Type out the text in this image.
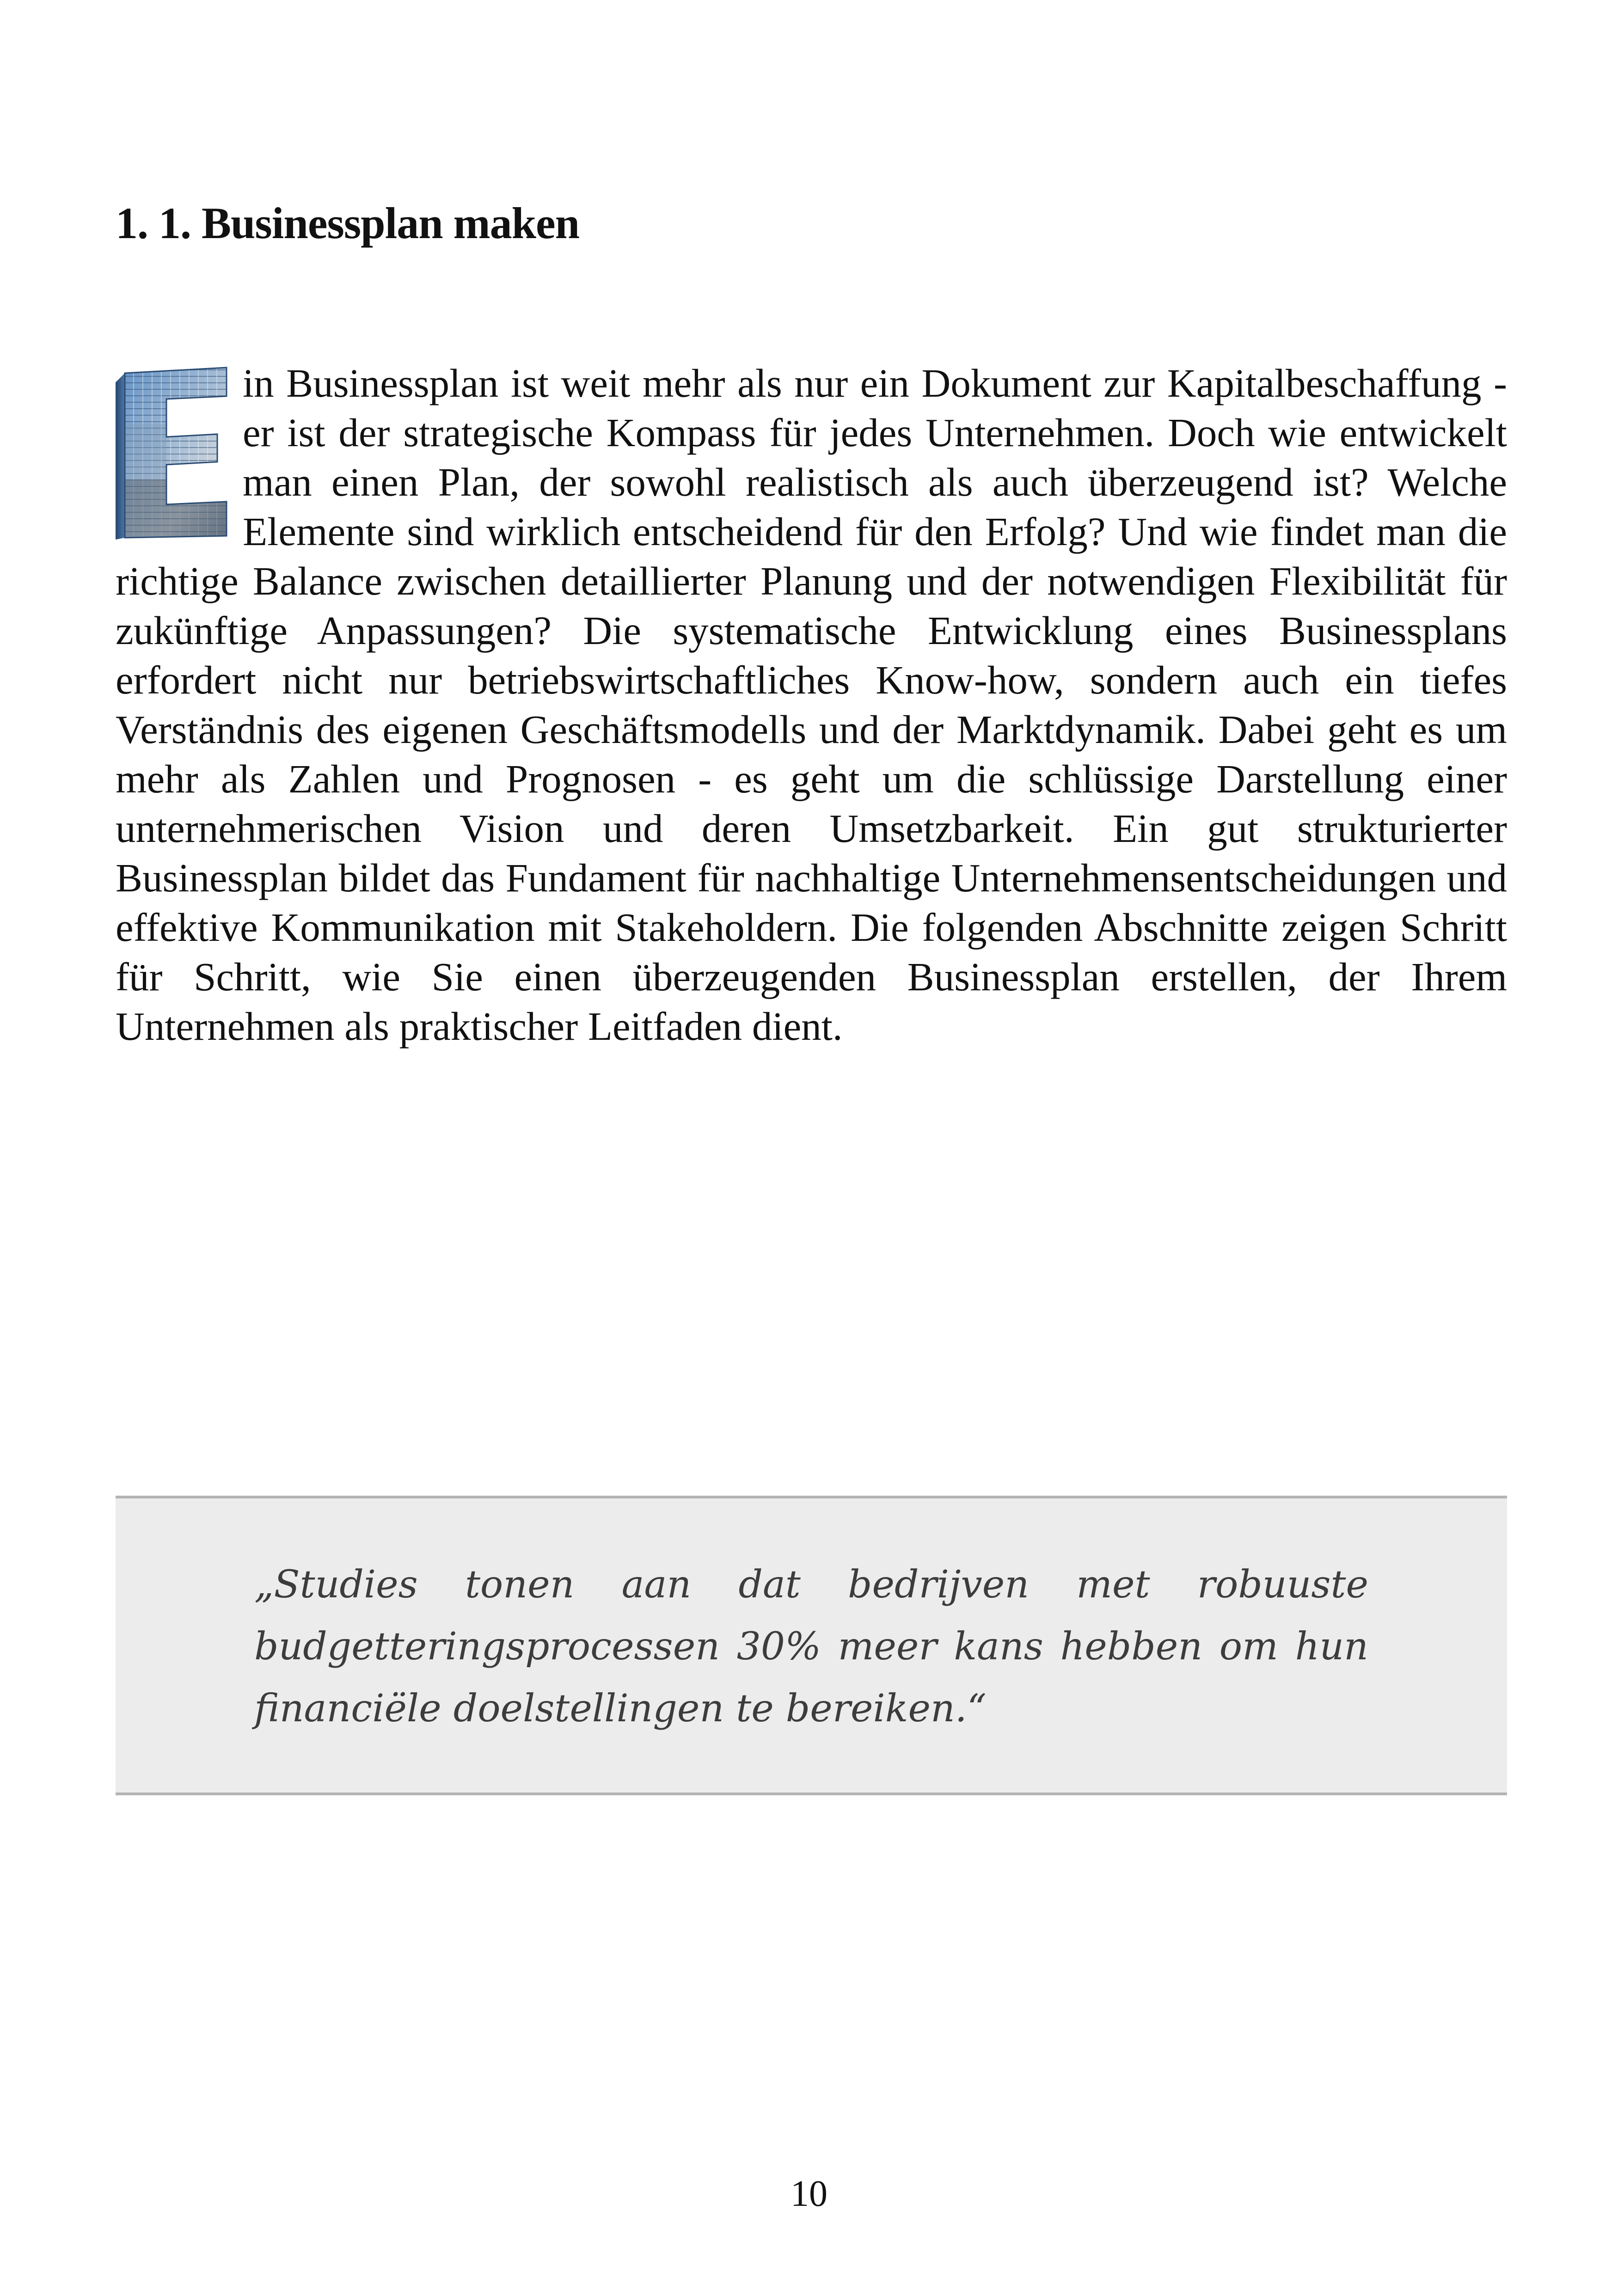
1. 1. Businessplan maken

in Businessplan ist weit mehr als nur ein Dokument zur Kapitalbeschaffung - er ist der strategische Kompass für jedes Unternehmen. Doch wie entwickelt man einen Plan, der sowohl realistisch als auch überzeugend ist? Welche Elemente sind wirklich entscheidend für den Erfolg? Und wie findet man die richtige Balance zwischen detaillierter Planung und der notwendigen Flexibilität für zukünftige Anpassungen? Die systematische Entwicklung eines Businessplans erfordert nicht nur betriebswirtschaftliches Know-how, sondern auch ein tiefes Verständnis des eigenen Geschäftsmodells und der Marktdynamik. Dabei geht es um mehr als Zahlen und Prognosen - es geht um die schlüssige Darstellung einer unternehmerischen Vision und deren Umsetzbarkeit. Ein gut strukturierter Businessplan bildet das Fundament für nachhaltige Unternehmensentscheidungen und effektive Kommunikation mit Stakeholdern. Die folgenden Abschnitte zeigen Schritt für Schritt, wie Sie einen überzeugenden Businessplan erstellen, der Ihrem Unternehmen als praktischer Leitfaden dient.

„Studies tonen aan dat bedrijven met robuuste budgetteringsprocessen 30% meer kans hebben om hun financiële doelstellingen te bereiken.“

10
